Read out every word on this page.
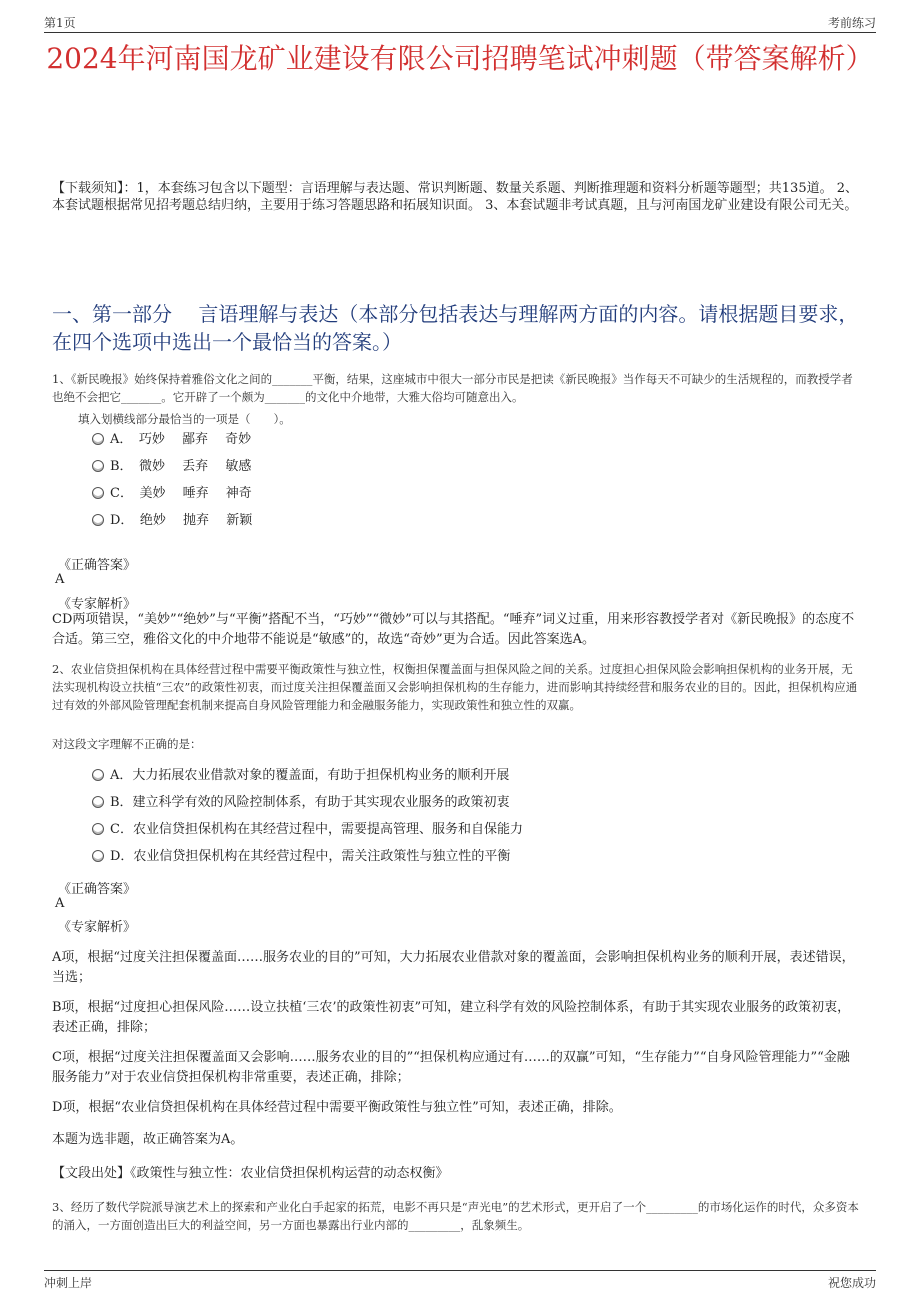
第1页	考前练习
2024年河南国龙矿业建设有限公司招聘笔试冲刺题（带答案解析）
【下载须知】：1，本套练习包含以下题型：言语理解与表达题、常识判断题、数量关系题、判断推理题和资料分析题等题型；共135道。 2、本套试题根据常见招考题总结归纳，主要用于练习答题思路和拓展知识面。 3、本套试题非考试真题，且与河南国龙矿业建设有限公司无关。
一、第一部分　 言语理解与表达（本部分包括表达与理解两方面的内容。请根据题目要求，在四个选项中选出一个最恰当的答案。）
1、《新民晚报》始终保持着雅俗文化之间的_______平衡，结果，这座城市中很大一部分市民是把读《新民晚报》当作每天不可缺少的生活规程的，而教授学者也绝不会把它_______。它开辟了一个颇为_______的文化中介地带，大雅大俗均可随意出入。
填入划横线部分最恰当的一项是（　　）。
A．　巧妙　 鄙弃　 奇妙
B．　微妙　 丢弃　 敏感
C．　美妙　 唾弃　 神奇
D．　绝妙　 抛弃　 新颖
《正确答案》
A
《专家解析》
CD两项错误，“美妙”“绝妙”与“平衡”搭配不当，“巧妙”“微妙”可以与其搭配。“唾弃”词义过重，用来形容教授学者对《新民晚报》的态度不合适。第三空，雅俗文化的中介地带不能说是“敏感”的，故选“奇妙”更为合适。因此答案选A。
2、农业信贷担保机构在具体经营过程中需要平衡政策性与独立性，权衡担保覆盖面与担保风险之间的关系。过度担心担保风险会影响担保机构的业务开展，无法实现机构设立扶植“三农”的政策性初衷，而过度关注担保覆盖面又会影响担保机构的生存能力，进而影响其持续经营和服务农业的目的。因此，担保机构应通过有效的外部风险管理配套机制来提高自身风险管理能力和金融服务能力，实现政策性和独立性的双赢。
对这段文字理解不正确的是：
A．大力拓展农业借款对象的覆盖面，有助于担保机构业务的顺利开展
B．建立科学有效的风险控制体系，有助于其实现农业服务的政策初衷
C．农业信贷担保机构在其经营过程中，需要提高管理、服务和自保能力
D．农业信贷担保机构在其经营过程中，需关注政策性与独立性的平衡
《正确答案》
A
《专家解析》
A项，根据“过度关注担保覆盖面……服务农业的目的”可知，大力拓展农业借款对象的覆盖面，会影响担保机构业务的顺利开展，表述错误，当选；
B项，根据“过度担心担保风险……设立扶植‘三农’的政策性初衷”可知，建立科学有效的风险控制体系，有助于其实现农业服务的政策初衷，表述正确，排除；
C项，根据“过度关注担保覆盖面又会影响……服务农业的目的”“担保机构应通过有……的双赢”可知，“生存能力”“自身风险管理能力”“金融服务能力”对于农业信贷担保机构非常重要，表述正确，排除；
D项，根据“农业信贷担保机构在具体经营过程中需要平衡政策性与独立性”可知，表述正确，排除。
本题为选非题，故正确答案为A。
【文段出处】《政策性与独立性：农业信贷担保机构运营的动态权衡》
3、经历了数代学院派导演艺术上的探索和产业化白手起家的拓荒，电影不再只是“声光电”的艺术形式，更开启了一个_________的市场化运作的时代，众多资本的涌入，一方面创造出巨大的利益空间，另一方面也暴露出行业内部的_________，乱象频生。
冲刺上岸	祝您成功
